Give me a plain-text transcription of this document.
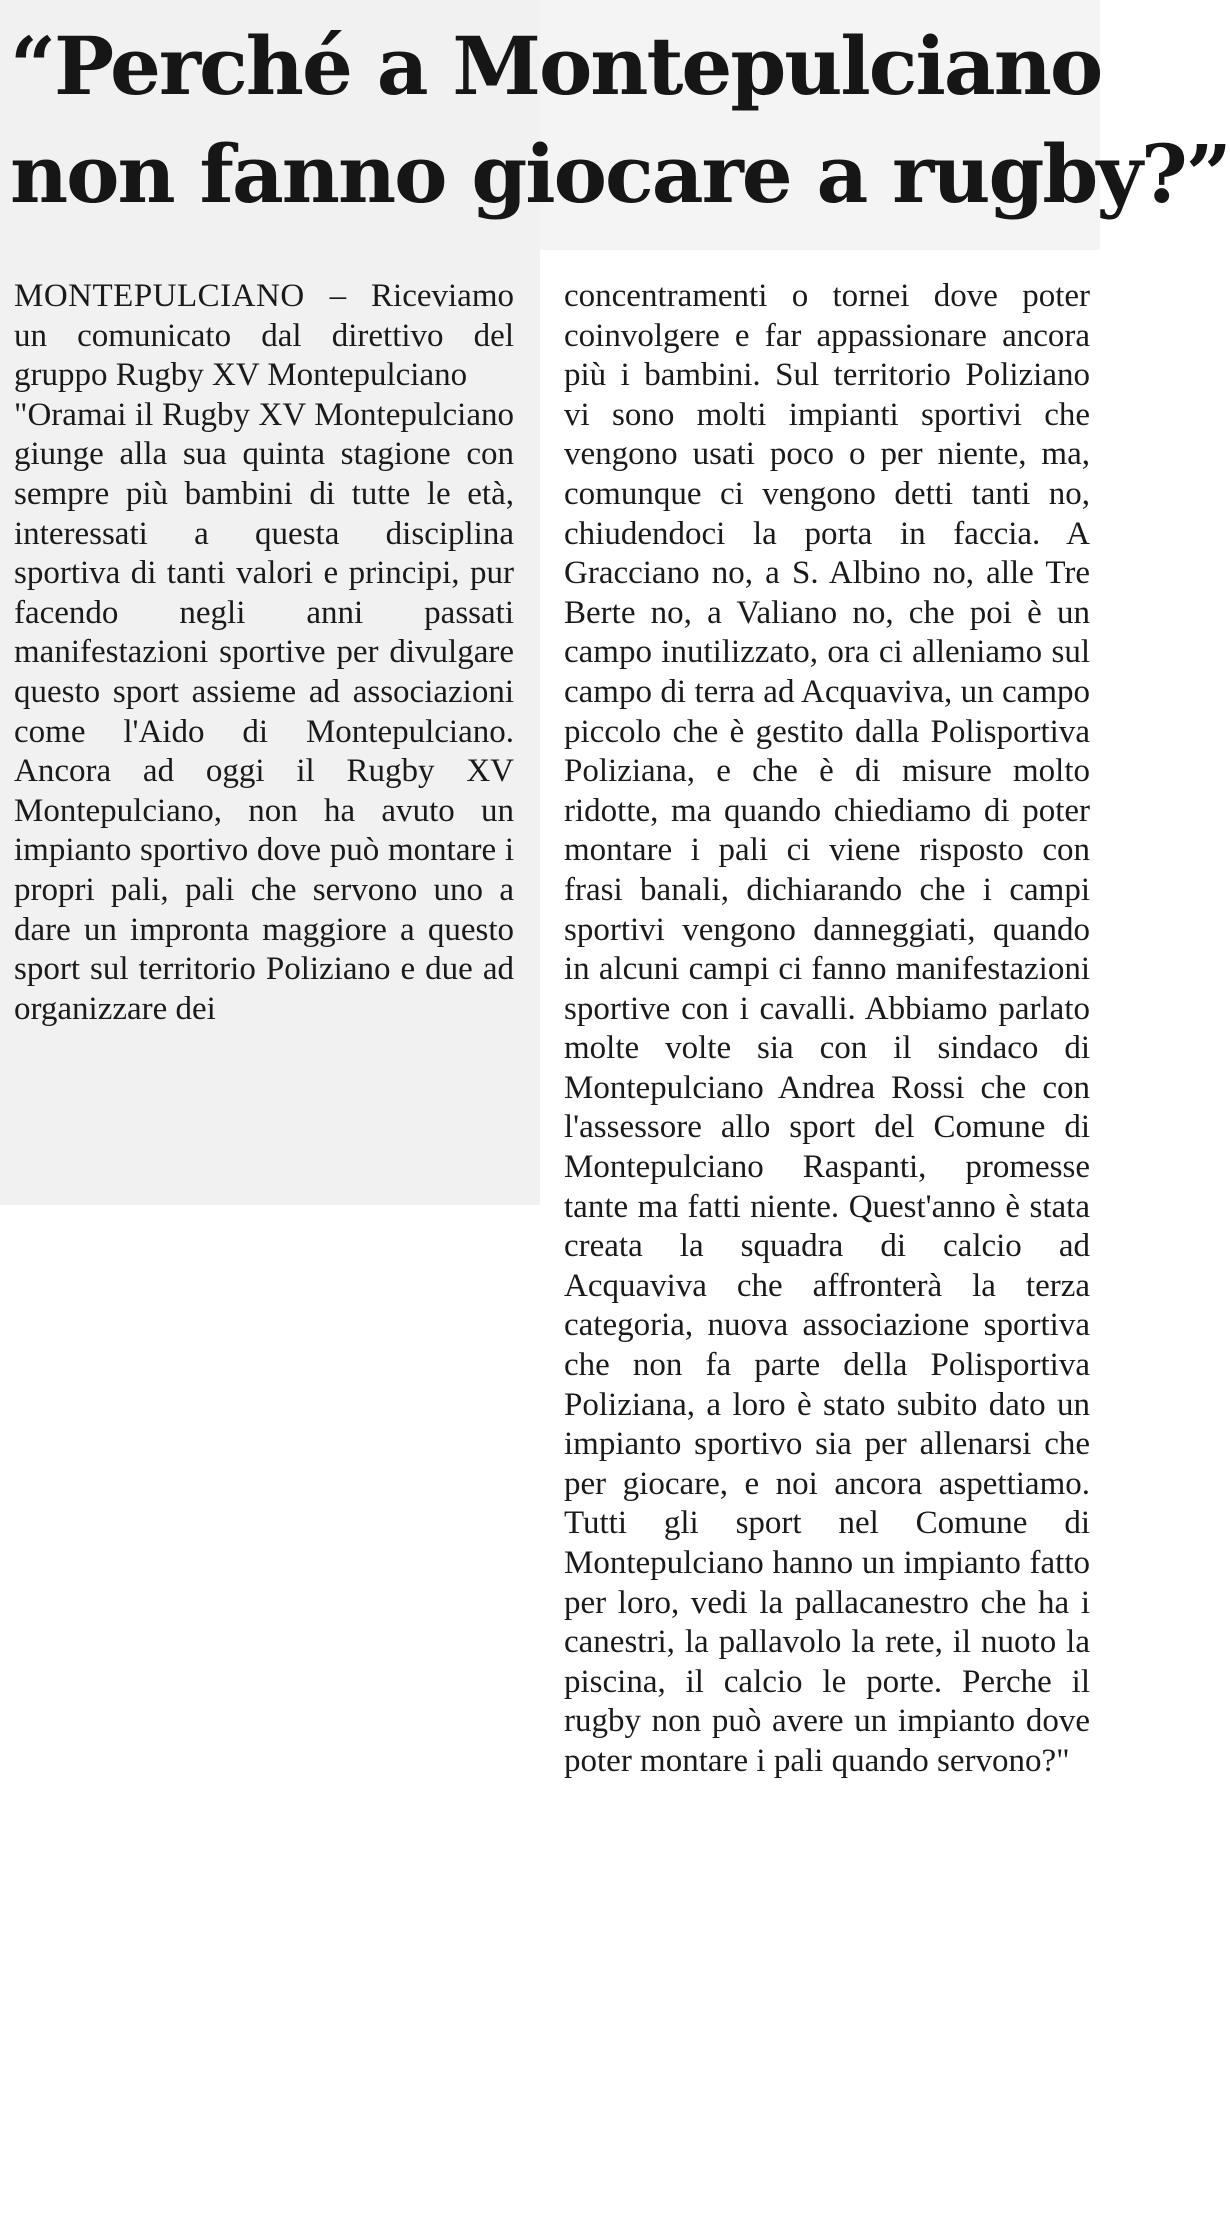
“Perché a Montepulciano
non fanno giocare a rugby?”

MONTEPULCIANO – Riceviamo un comunicato dal direttivo del gruppo Rugby XV Montepulciano

"Oramai il Rugby XV Montepulciano giunge alla sua quinta stagione con sempre più bambini di tutte le età, interessati a questa disciplina sportiva di tanti valori e principi, pur facendo negli anni passati manifestazioni sportive per divulgare questo sport assieme ad associazioni come l'Aido di Montepulciano. Ancora ad oggi il Rugby XV Montepulciano, non ha avuto un impianto sportivo dove può montare i propri pali, pali che servono uno a dare un impronta maggiore a questo sport sul territorio Poliziano e due ad organizzare dei

concentramenti o tornei dove poter coinvolgere e far appassionare ancora più i bambini. Sul territorio Poliziano vi sono molti impianti sportivi che vengono usati poco o per niente, ma, comunque ci vengono detti tanti no, chiudendoci la porta in faccia. A Gracciano no, a S. Albino no, alle Tre Berte no, a Valiano no, che poi è un campo inutilizzato, ora ci alleniamo sul campo di terra ad Acquaviva, un campo piccolo che è gestito dalla Polisportiva Poliziana, e che è di misure molto ridotte, ma quando chiediamo di poter montare i pali ci viene risposto con frasi banali, dichiarando che i campi sportivi vengono danneggiati, quando in alcuni campi ci fanno manifestazioni sportive con i cavalli. Abbiamo parlato molte volte sia con il sindaco di Montepulciano Andrea Rossi che con l'assessore allo sport del Comune di Montepulciano Raspanti, promesse tante ma fatti niente. Quest'anno è stata creata la squadra di calcio ad Acquaviva che affronterà la terza categoria, nuova associazione sportiva che non fa parte della Polisportiva Poliziana, a loro è stato subito dato un impianto sportivo sia per allenarsi che per giocare, e noi ancora aspettiamo. Tutti gli sport nel Comune di Montepulciano hanno un impianto fatto per loro, vedi la pallacanestro che ha i canestri, la pallavolo la rete, il nuoto la piscina, il calcio le porte. Perche il rugby non può avere un impianto dove poter montare i pali quando servono?"
